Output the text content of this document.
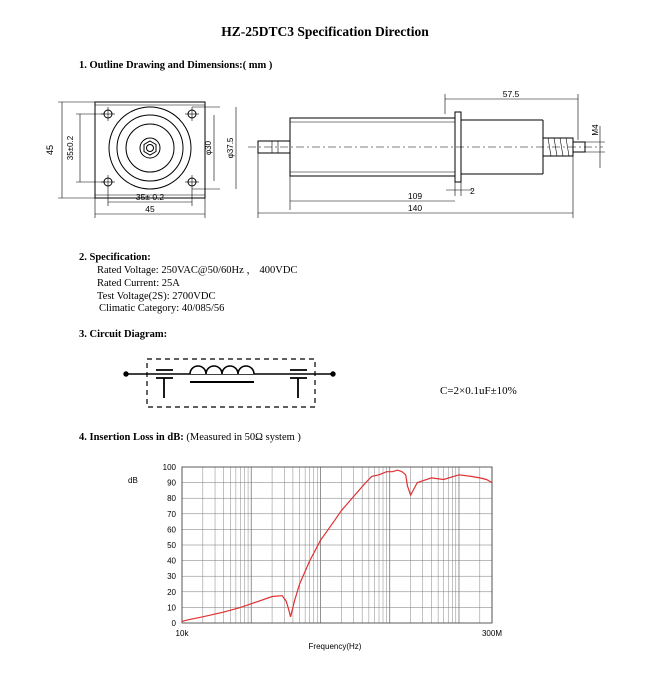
HZ-25DTC3 Specification Direction
1. Outline Drawing and Dimensions:( mm )
45 35±0.2	φ30 φ37.5
35± 0.2
45
57.5
M4
2
109
140
2. Specification:
Rated Voltage: 250VAC@50/60Hz ， 400VDC
Rated Current: 25A
Test Voltage(2S): 2700VDC
Climatic Category: 40/085/56
3. Circuit Diagram:
C=2×0.1uF±10%
4. Insertion Loss in dB: (Measured in 50Ω system )
0
10
20
30
40
50
60
70
80
90
100
dB
Frequency(Hz)
10k	300M
